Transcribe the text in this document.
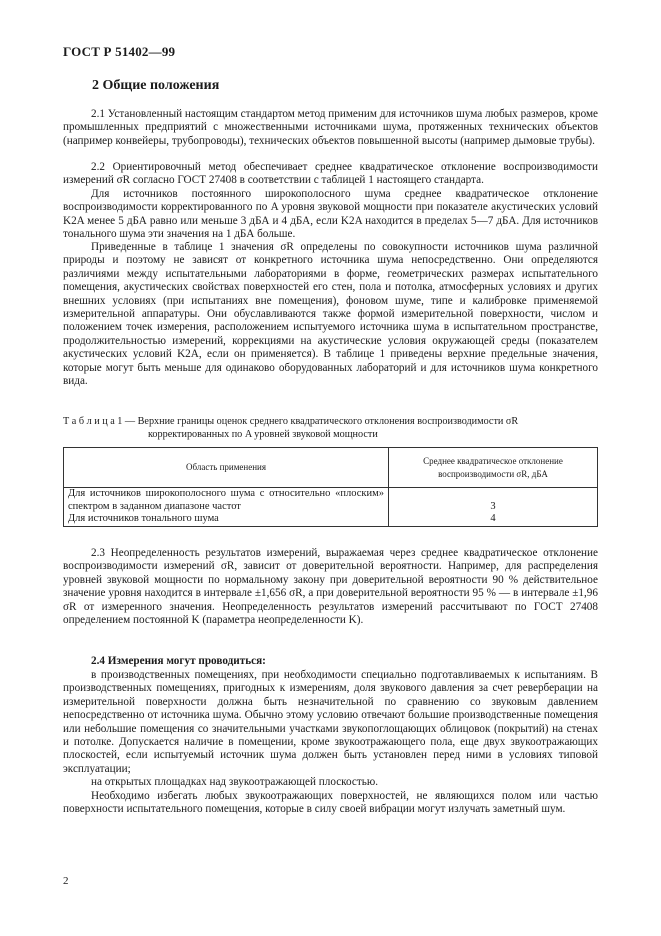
ГОСТ Р 51402—99
2 Общие положения

2.1 Установленный настоящим стандартом метод применим для источников шума любых размеров, кроме промышленных предприятий с множественными источниками шума, протяженных технических объектов (например конвейеры, трубопроводы), технических объектов повышенной высоты (например дымовые трубы).

2.2 Ориентировочный метод обеспечивает среднее квадратическое отклонение воспроизводимости измерений σR согласно ГОСТ 27408 в соответствии с таблицей 1 настоящего стандарта.

Для источников постоянного широкополосного шума среднее квадратическое отклонение воспроизводимости корректированного по A уровня звуковой мощности при показателе акустических условий K2A менее 5 дБА равно или меньше 3 дБА и 4 дБА, если K2A находится в пределах 5—7 дБА. Для источников тонального шума эти значения на 1 дБА больше.

Приведенные в таблице 1 значения σR определены по совокупности источников шума различной природы и поэтому не зависят от конкретного источника шума непосредственно. Они определяются различиями между испытательными лабораториями в форме, геометрических размерах испытательного помещения, акустических свойствах поверхностей его стен, пола и потолка, атмосферных условиях и других внешних условиях (при испытаниях вне помещения), фоновом шуме, типе и калибровке применяемой измерительной аппаратуры. Они обуславливаются также формой измерительной поверхности, числом и положением точек измерения, расположением испытуемого источника шума в испытательном пространстве, продолжительностью измерений, коррекциями на акустические условия окружающей среды (показателем акустических условий K2A, если он применяется). В таблице 1 приведены верхние предельные значения, которые могут быть меньше для одинаково оборудованных лабораторий и для источников шума конкретного вида.

Т а б л и ц а 1 — Верхние границы оценок среднего квадратического отклонения воспроизводимости σR
корректированных по A уровней звуковой мощности

Область применения	Среднее квадратическое отклонение воспроизводимости σR, дБА
Для источников широкополосного шума с относительно «плоским» спектром в заданном диапазоне частот	3
Для источников тонального шума	4

2.3 Неопределенность результатов измерений, выражаемая через среднее квадратическое отклонение воспроизводимости измерений σR, зависит от доверительной вероятности. Например, для распределения уровней звуковой мощности по нормальному закону при доверительной вероятности 90 % действительное значение уровня находится в интервале ±1,656 σR, а при доверительной вероятности 95 % — в интервале ±1,96 σR от измеренного значения. Неопределенность результатов измерений рассчитывают по ГОСТ 27408 определением постоянной K (параметра неопределенности K).

2.4 Измерения могут проводиться:

в производственных помещениях, при необходимости специально подготавливаемых к испытаниям. В производственных помещениях, пригодных к измерениям, доля звукового давления за счет реверберации на измерительной поверхности должна быть незначительной по сравнению со звуковым давлением непосредственно от источника шума. Обычно этому условию отвечают большие производственные помещения или небольшие помещения со значительными участками звукопоглощающих облицовок (покрытий) на стенах и потолке. Допускается наличие в помещении, кроме звукоотражающего пола, еще двух звукоотражающих плоскостей, если испытуемый источник шума должен быть установлен перед ними в условиях типовой эксплуатации;

на открытых площадках над звукоотражающей плоскостью.

Необходимо избегать любых звукоотражающих поверхностей, не являющихся полом или частью поверхности испытательного помещения, которые в силу своей вибрации могут излучать заметный шум.

2
